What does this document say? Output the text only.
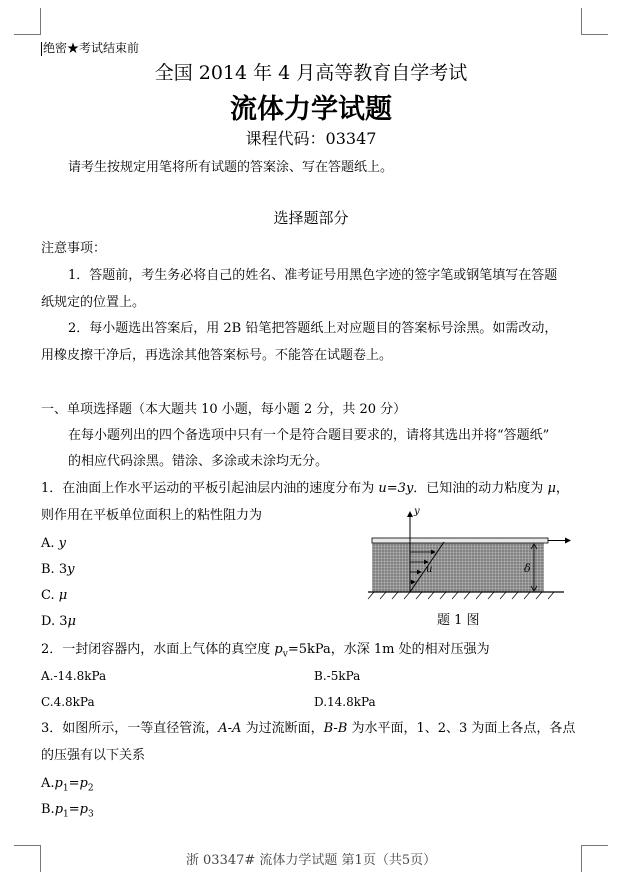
绝密★考试结束前
全国 2014 年 4 月高等教育自学考试
流体力学试题
课程代码：03347
请考生按规定用笔将所有试题的答案涂、写在答题纸上。
选择题部分
注意事项：
1．答题前，考生务必将自己的姓名、准考证号用黑色字迹的签字笔或钢笔填写在答题
纸规定的位置上。
2．每小题选出答案后，用 2B 铅笔把答题纸上对应题目的答案标号涂黑。如需改动，
用橡皮擦干净后，再选涂其他答案标号。不能答在试题卷上。
一、单项选择题（本大题共 10 小题，每小题 2 分，共 20 分）
在每小题列出的四个备选项中只有一个是符合题目要求的，请将其选出并将“答题纸”
的相应代码涂黑。错涂、多涂或未涂均无分。
1．在油面上作水平运动的平板引起油层内油的速度分布为 u=3y．已知油的动力粘度为 μ，
则作用在平板单位面积上的粘性阻力为
A. y
B. 3y
C. μ
D. 3μ
y
u	δ
题 1 图
2．一封闭容器内，水面上气体的真空度 $p_v=5kPa$，水深 1m 处的相对压强为
A.-14.8kPa	B.-5kPa
C.4.8kPa	D.14.8kPa
3．如图所示，一等直径管流，A-A 为过流断面，B-B 为水平面，1、2、3 为面上各点，各点
的压强有以下关系
$A.p_1=p_2$
$B.p_1=p_3$
浙 03347# 流体力学试题 第1页（共5页）
